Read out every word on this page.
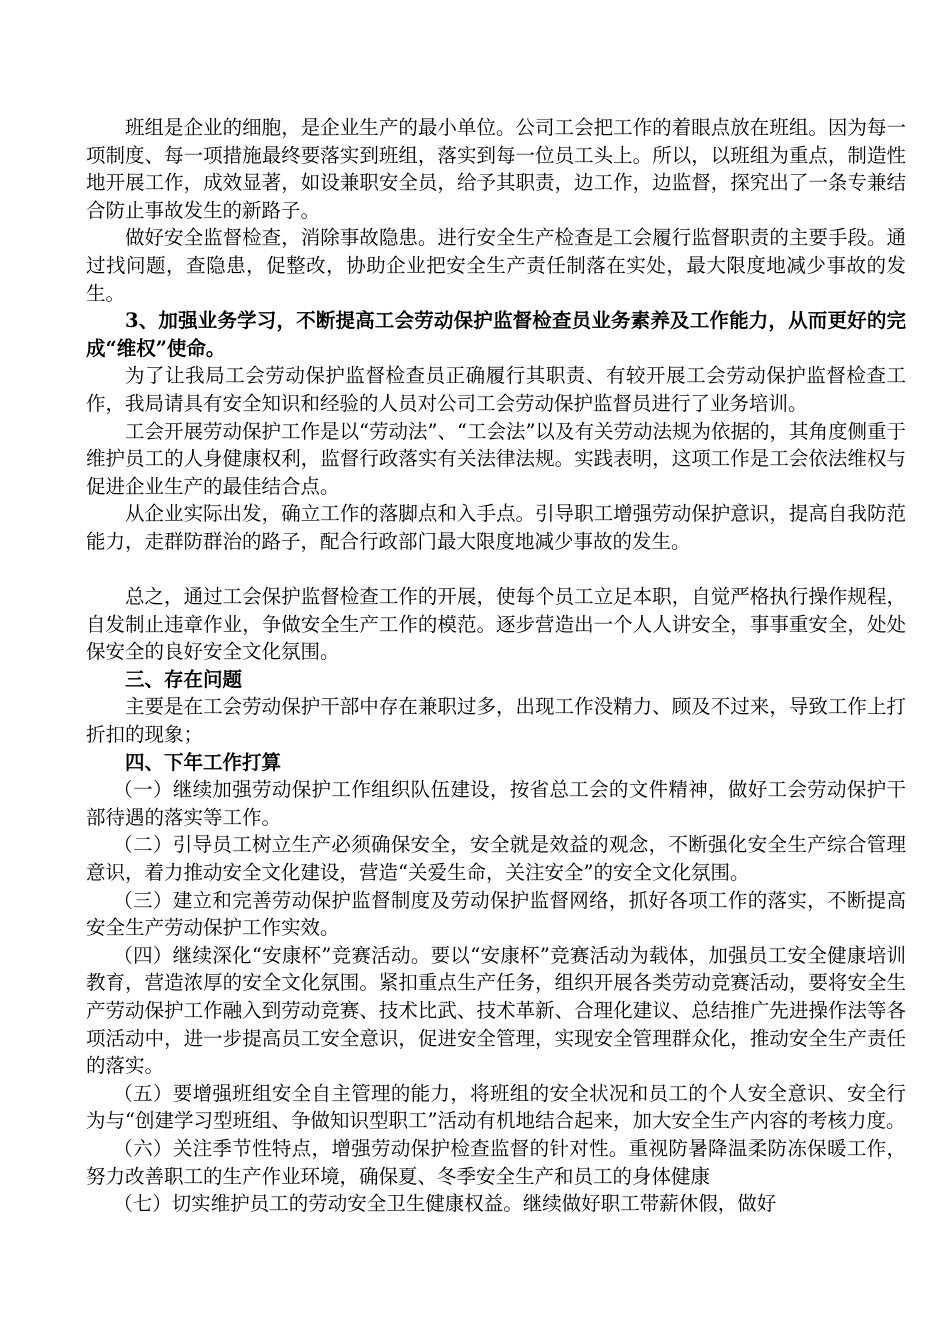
班组是企业的细胞，是企业生产的最小单位。公司工会把工作的着眼点放在班组。因为每一项制度、每一项措施最终要落实到班组，落实到每一位员工头上。所以，以班组为重点，制造性地开展工作，成效显著，如设兼职安全员，给予其职责，边工作，边监督，探究出了一条专兼结合防止事故发生的新路子。

做好安全监督检查，消除事故隐患。进行安全生产检查是工会履行监督职责的主要手段。通过找问题，查隐患，促整改，协助企业把安全生产责任制落在实处，最大限度地减少事故的发生。

3、加强业务学习，不断提高工会劳动保护监督检查员业务素养及工作能力，从而更好的完成“维权”使命。

为了让我局工会劳动保护监督检查员正确履行其职责、有较开展工会劳动保护监督检查工作，我局请具有安全知识和经验的人员对公司工会劳动保护监督员进行了业务培训。

工会开展劳动保护工作是以“劳动法”、“工会法”以及有关劳动法规为依据的，其角度侧重于维护员工的人身健康权利，监督行政落实有关法律法规。实践表明，这项工作是工会依法维权与促进企业生产的最佳结合点。

从企业实际出发，确立工作的落脚点和入手点。引导职工增强劳动保护意识，提高自我防范能力，走群防群治的路子，配合行政部门最大限度地减少事故的发生。

总之，通过工会保护监督检查工作的开展，使每个员工立足本职，自觉严格执行操作规程，自发制止违章作业，争做安全生产工作的模范。逐步营造出一个人人讲安全，事事重安全，处处保安全的良好安全文化氛围。

三、存在问题

主要是在工会劳动保护干部中存在兼职过多，出现工作没精力、顾及不过来，导致工作上打折扣的现象；

四、下年工作打算

（一）继续加强劳动保护工作组织队伍建设，按省总工会的文件精神，做好工会劳动保护干部待遇的落实等工作。

（二）引导员工树立生产必须确保安全，安全就是效益的观念，不断强化安全生产综合管理意识，着力推动安全文化建设，营造“关爱生命，关注安全”的安全文化氛围。

（三）建立和完善劳动保护监督制度及劳动保护监督网络，抓好各项工作的落实，不断提高安全生产劳动保护工作实效。

（四）继续深化“安康杯”竞赛活动。要以“安康杯”竞赛活动为载体，加强员工安全健康培训教育，营造浓厚的安全文化氛围。紧扣重点生产任务，组织开展各类劳动竞赛活动，要将安全生产劳动保护工作融入到劳动竞赛、技术比武、技术革新、合理化建议、总结推广先进操作法等各项活动中，进一步提高员工安全意识，促进安全管理，实现安全管理群众化，推动安全生产责任的落实。

（五）要增强班组安全自主管理的能力，将班组的安全状况和员工的个人安全意识、安全行为与“创建学习型班组、争做知识型职工”活动有机地结合起来，加大安全生产内容的考核力度。

（六）关注季节性特点，增强劳动保护检查监督的针对性。重视防暑降温柔防冻保暖工作，努力改善职工的生产作业环境，确保夏、冬季安全生产和员工的身体健康

（七）切实维护员工的劳动安全卫生健康权益。继续做好职工带薪休假，做好
